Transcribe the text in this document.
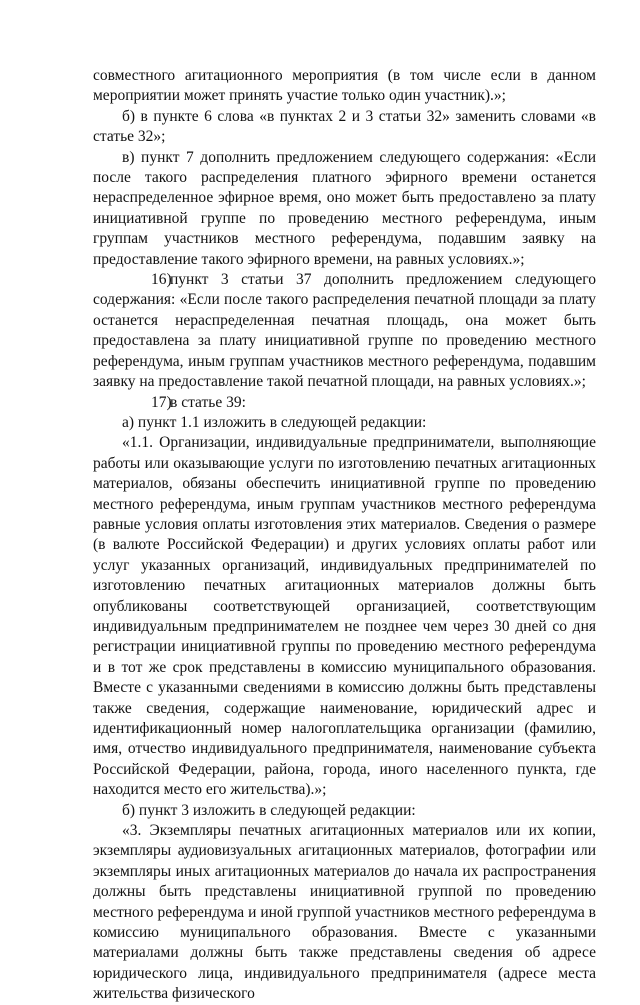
совместного агитационного мероприятия (в том числе если в данном мероприятии может принять участие только один участник).»;

б) в пункте 6 слова «в пунктах 2 и 3 статьи 32» заменить словами «в статье 32»;

в) пункт 7 дополнить предложением следующего содержания: «Если после такого распределения платного эфирного времени останется нераспределенное эфирное время, оно может быть предоставлено за плату инициативной группе по проведению местного референдума, иным группам участников местного референдума, подавшим заявку на предоставление такого эфирного времени, на равных условиях.»;

16)пункт 3 статьи 37 дополнить предложением следующего содержания: «Если после такого распределения печатной площади за плату останется нераспределенная печатная площадь, она может быть предоставлена за плату инициативной группе по проведению местного референдума, иным группам участников местного референдума, подавшим заявку на предоставление такой печатной площади, на равных условиях.»;

17)в статье 39:

а) пункт 1.1 изложить в следующей редакции:

«1.1. Организации, индивидуальные предприниматели, выполняющие работы или оказывающие услуги по изготовлению печатных агитационных материалов, обязаны обеспечить инициативной группе по проведению местного референдума, иным группам участников местного референдума равные условия оплаты изготовления этих материалов. Сведения о размере (в валюте Российской Федерации) и других условиях оплаты работ или услуг указанных организаций, индивидуальных предпринимателей по изготовлению печатных агитационных материалов должны быть опубликованы соответствующей организацией, соответствующим индивидуальным предпринимателем не позднее чем через 30 дней со дня регистрации инициативной группы по проведению местного референдума и в тот же срок представлены в комиссию муниципального образования. Вместе с указанными сведениями в комиссию должны быть представлены также сведения, содержащие наименование, юридический адрес и идентификационный номер налогоплательщика организации (фамилию, имя, отчество индивидуального предпринимателя, наименование субъекта Российской Федерации, района, города, иного населенного пункта, где находится место его жительства).»;

б) пункт 3 изложить в следующей редакции:

«3. Экземпляры печатных агитационных материалов или их копии, экземпляры аудиовизуальных агитационных материалов, фотографии или экземпляры иных агитационных материалов до начала их распространения должны быть представлены инициативной группой по проведению местного референдума и иной группой участников местного референдума в комиссию муниципального образования. Вместе с указанными материалами должны быть также представлены сведения об адресе юридического лица, индивидуального предпринимателя (адресе места жительства физического
